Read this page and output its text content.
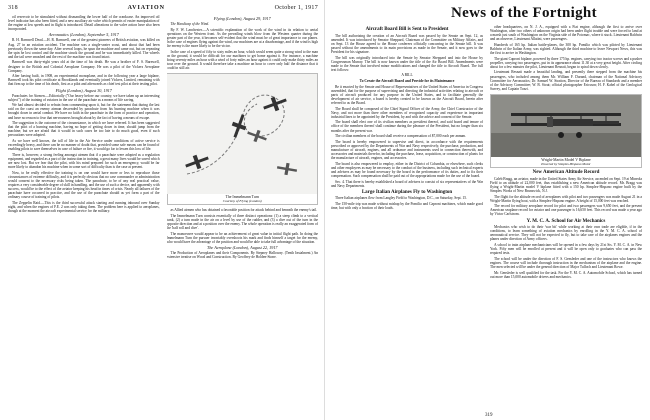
318	AVIATION	October 1, 1917

oil reservoir to be stimulated without dismantling the lower half of the crankcase. An improved oil level indicator has also been fitted, and a new auxiliary air valve which permits of easier manipulation of the engine at low speeds and in flight is introduced. Detail alterations to the valve action have also been incorporated.

Aeronautics (London), September 5, 1917

R. H. Barnwell Dead.—H. R. Barnwell, one of the greatest pioneers of British aviation, was killed on Aug. 27 in an aviation accident. The machine was a single-seater scout, and about that had been previously flown the same day. After several loops, he spun the machine and came out, but on repeating the spin he lost control and the machine struck the ground and he was immediately killed. The wheels and the tail were smashed and the rest of the machine was found intact.

Barnwell was thirty-eight years old at the time of his death. He was a brother of F. S. Barnwell, designer to the British and Colonial Aeroplane Company. He was a pilot of the Vickers Aeroplane Company.

After having built, in 1908, an experimental monoplane, and in the following year a large biplane, Barnwell took his pilot certificate at Brooklands and eventually joined Vickers, Limited, remaining with that firm up to the time of his death, first as a pilot and afterwards as chief test pilot at their testing pilot.

Flight (London), August 30, 1917

Parachutes for Airmen.—Editorially ("Our heavy before our country, we have taken up an interesting subject") of the training of aviators in the use of the parachute as a means of life saving.

We had almost decided to refrain from commenting upon it, but for the statement that during the last raid on the coast an enemy airman descended by parachute from his burning machine when it was brought down in aerial combat. We have no faith in the parachute in the form of practice and operation, and have no reason to fear that nervousness brought about by the fact of having a means of escape.

The suggestion is the outcome of the circumstance, in which we have referred. It has been suggested that the pilot of a burning machine, having no hope of getting down in time, should jump from the machine; but we are afraid that it would in such cases be too late to do much good, even if such precautions were adopted.

As we have well known, the toll of life in the Air Service under conditions of active service is exceedingly heavy, and there can be no manner of doubt that, provided some safe means can be found of enabling pilots to save themselves in case of failure or fire, it would go far to lessen this loss of life.

There is, however, a strong feeling amongst airmen that if a parachute were adopted as a regulation equipment, and regarded as a part of the instruction in training, a great many lives would be saved which are now lost. But we fear that the pilot, with his mind prepared for such an emergency, would be far more likely to abandon his machine when in some sort of difficulty than is the case at present.

Now, to be really effective the training is on one would have more or less to reproduce those circumstances of extreme difficulty, and it is perfectly obvious that no case commander or administration would consent to the necessary risks being taken. The parachute, to be of any real practical value, requires a very considerable degree of skill in handling, and the use of such a device, and apparently with success, would be to the effect of the aviator keeping his head in times of crisis. Nearly all failures of the parachute have occurred in practice, and the use of the parachute should as yet form a part of the ordinary course of training of pilots.

The Zeppelin Raid.—This is the third successful attack starting and running inbound over Sunday night, and when the engines of F.E. 2 was only taking them. The problem here is applied to aeroplanes, though at the moment the aircraft experimental service for the military.

Flying (London), August 29, 1917

The Handicap of the Wind.

By F. W. Lanchester.—A scientific explanation of the work of the wind in its relation to aerial operations on the Western front. As the prevailing winds blow from the Western quarter during the greater part of the year, it becomes self-evident that the wind must be of great importance to our planes. In the case of engines flying against the wind, our machines are at a disadvantage, and if the wind is high the enemy is the more likely to be the victor.

In the case of a speed of fifty to sixty miles an hour, which would seem quite a strong wind to the man on the ground, it would be difficult for our machines to get home against it. For instance, a machine doing seventy miles an hour with a wind of forty miles an hour against it could only make thirty miles an hour over the ground. It would therefore take a machine an hour to cover only half the distance that it could in still air.

The Immelmann Turn
Courtesy of Flying (London)

as Allied airmen who has obtained a favorable position for attack behind and beneath the enemy's tail.

The Immelmann Turn consists essentially of three distinct operations: (1) a steep climb to a vertical bank, (2) a turn made in the air on a level by use of the rudder, and (3) a dive out of the turn in the opposite direction and at a position over the enemy. The whole operation is really an exaggerated form of the 'half roll and dive'.

The manoeuvre would appear to be an achievement of great value in initial flight path. In doing the Immelmann Turn the pursuer invariably overshoots his mark and finds himself a target for the enemy, who would have the advantage of the position and would be able to take full advantage of the situation.

The Aeroplane (London), August 22, 1917

The Production of Aeroplanes and their Components. By Stepney Halloway. (Tenth Instalment.) An extensive treatise on Wood and Construction. By Geoffrey de Holden-Stone.

News of the Fortnight
Aircraft Board Bill is Sent to President

The bill authorizing the creation of an Aircraft Board was passed by the Senate on Sept. 12, as amended. It was introduced by Senator Sheppard, Chairman of the Committee on Military Affairs, and on Sept. 13 the House agreed to the House conferees officially concurring in the Senate bill. It was passed without the amendments to its main provisions as made in the Senate, and it now goes to the President for his signature.

The bill was originally introduced into the Senate by Senator Sheppard and into the House by Congressman Murray. The bill is now known under the title of the Air Board Bill. Amendments were made to the Senate that involved minor modifications and changed the title to Aircraft Board. The full text follows:

A BILL

To Create the Aircraft Board and Provide for its Maintenance

Be it enacted by the Senate and House of Representatives of the United States of America in Congress assembled, that for the purpose of supervising and directing the industrial activities relating to aircraft or parts of aircraft produced for any purpose in the United States, and to facilitate generally the development of air service, a board is hereby created to be known as the Aircraft Board, herein after referred to as the Board.

The Board shall be composed of the Chief Signal Officer of the Army, the Chief Constructor of the Navy, and not more than three other members of recognized capacity and experience in important industrial lines to be appointed by the President, by and with the advice and consent of the Senate.

The board shall elect one of its civilian members as president thereof, and said board and tenure of office of the members thereof shall continue during the pleasure of the President, but no longer than six months after the present war.

The civilian members of the board shall receive a compensation of $7,000 each per annum.

The board is hereby empowered to supervise and direct, in accordance with the requirements prescribed or approved by the Departments of War and Navy respectively, the purchase, production, and manufacture of aircraft, engines, and all ordnance and instruments used in connection therewith, and accessories and materials therefor, including the purchase, lease, acquisition, or construction of plants for the manufacture of aircraft, engines, and accessories.

The board is also empowered to employ, either in the District of Columbia, or elsewhere, such clerks and other employees as may be necessary to the conduct of the business, including such technical experts and advisers as may be found necessary by the board in the performance of its duties, and to fix their compensation. Such compensation shall be paid out of the appropriations made for the use of the board.

Sec. 4. That there is hereby established a board of advisers to consist of six representatives of the War and Navy Departments.

Large Italian Airplanes Fly to Washington

Three Italian airplanes flew from Langley Field to Washington, D.C., on Saturday, Sept. 15.

The 150-mile trip was made without mishap by the Pomilio and Caproni machines, which made good time, but with only a fraction of their loads.

other headquarters, on N. J. A., equipped with a Fiat engine, although the first to arrive over Washington, after two others of unknown origin had been under flight trouble and were forced to land at a marsh just south of Washington on the Virginia side of the Potomac, where it stuck. Lieutenant Baldwin and an observer, Lieutenant Allatini, were passengers.

Hundreds of 165 hp. Italian battle-planes, the 300 hp. Pomilio which was piloted by Lieutenant Baldwin of the Italian Army, was sighted. Although the third machine to leave Newport News, this was the first to arrive in Washington.

The giant Caproni biplane, powered by three 175 hp. engines, carrying two tractor screws and a pusher propeller, carrying two passengers, put in its appearance about 11.30 at a very great height. After circling about for a few minutes the pilot, Lieutenant Resnati, began to spiral down slowly.

Lieutenant Resnati made a beautiful landing, and presently there stepped from the machine his passengers, who included among them Mr. William F. Durand, chairman of the National Advisory Committee for Aeronautics; Dr. Samuel W. Stratton, Director of the Bureau of Standards and a member of the Advisory Committee; W. B. Stout; official photographer Ericsson; H. F. Kabel of the Geological Survey, and Captain Tozzi.

Wright-Martin Model V Biplane
Powered by Simplex-Hispano Motor
New American Altitude Record

Caleb Bragg, an aviator, made in the United States Army Air Service, ascended on Sept. 19 at Mineola Field to an altitude of 22,000 feet, thus establishing a new American altitude record. Mr. Bragg was flying a Wright-Martin model V biplane fitted with a 150 hp. Simplex-Hispano engine built by the Simplex Works of New Brunswick, N.J.

The flight for the altitude record of aeroplanes with pilot and two passengers was made August 21 in a Wright-Martin flying boat, with a Simplex-Hispano engine. A height of 15,000 feet was reached.

The record for military aeroplane record for pilot and two passengers was 9,650 feet, and the present American seaplane record for aviator and one passenger is 16,650 feet. This record was made a year ago by Victor Carlstrom.

Y. M. C. A. School for Air Mechanics

Mechanics who wish to do their 'war bit' while working at their own trade are eligible, if in the conditions, to learn something of aviation mechanics by enrolling in the Y. M. C. A. school of aeronautical service. They will not be expected to fly, but to take care of the airplanes engines and the planes under direction of Army officers.

A school to train airplane mechanicians will be opened in a few days by 21st Sts. Y. M. C. A. in New York. Fifty men will be enrolled at present and it will be open only to graduates who can pass the required tests.

The school will be under the direction of F. S. Gensleder and one of the instructors who knows the engines. The course will include thorough instruction in the mechanism of the airplane and the engine. The men selected will be under the general direction of Major Tulloch and Lieutenant Rowe.

Mr. Gensleder is well qualified for the task. For the Y. M. C. A. Automobile School, which has turned out more than 15,000 automobile drivers and mechanics.

319
